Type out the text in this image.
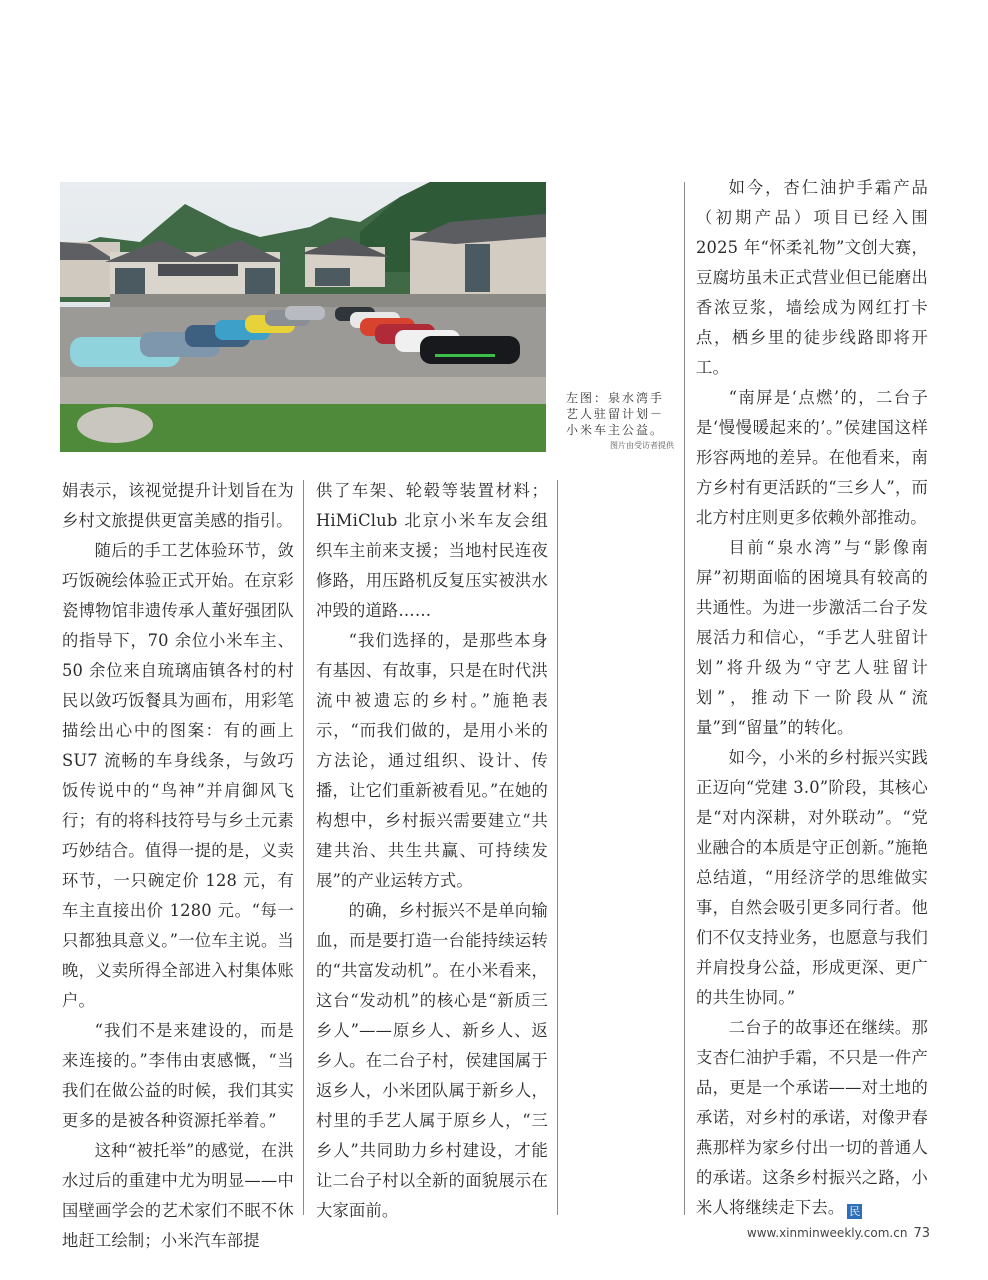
左图：泉水湾手艺人驻留计划－小米车主公益。
图片由受访者提供

娟表示，该视觉提升计划旨在为乡村文旅提供更富美感的指引。

随后的手工艺体验环节，敛巧饭碗绘体验正式开始。在京彩瓷博物馆非遗传承人董好强团队的指导下，70 余位小米车主、50 余位来自琉璃庙镇各村的村民以敛巧饭餐具为画布，用彩笔描绘出心中的图案：有的画上 SU7 流畅的车身线条，与敛巧饭传说中的“鸟神”并肩御风飞行；有的将科技符号与乡土元素巧妙结合。值得一提的是，义卖环节，一只碗定价 128 元，有车主直接出价 1280 元。“每一只都独具意义。”一位车主说。当晚，义卖所得全部进入村集体账户。

“我们不是来建设的，而是来连接的。”李伟由衷感慨，“当我们在做公益的时候，我们其实更多的是被各种资源托举着。”

这种“被托举”的感觉，在洪水过后的重建中尤为明显——中国壁画学会的艺术家们不眠不休地赶工绘制；小米汽车部提

供了车架、轮毂等装置材料；HiMiClub 北京小米车友会组织车主前来支援；当地村民连夜修路，用压路机反复压实被洪水冲毁的道路……

“我们选择的，是那些本身有基因、有故事，只是在时代洪流中被遗忘的乡村。”施艳表示，“而我们做的，是用小米的方法论，通过组织、设计、传播，让它们重新被看见。”在她的构想中，乡村振兴需要建立“共建共治、共生共赢、可持续发展”的产业运转方式。

的确，乡村振兴不是单向输血，而是要打造一台能持续运转的“共富发动机”。在小米看来，这台“发动机”的核心是“新质三乡人”——原乡人、新乡人、返乡人。在二台子村，侯建国属于返乡人，小米团队属于新乡人，村里的手艺人属于原乡人，“三乡人”共同助力乡村建设，才能让二台子村以全新的面貌展示在大家面前。

如今，杏仁油护手霜产品（初期产品）项目已经入围 2025 年“怀柔礼物”文创大赛，豆腐坊虽未正式营业但已能磨出香浓豆浆，墙绘成为网红打卡点，栖乡里的徒步线路即将开工。

“南屏是‘点燃’的，二台子是‘慢慢暖起来的’。”侯建国这样形容两地的差异。在他看来，南方乡村有更活跃的“三乡人”，而北方村庄则更多依赖外部推动。

目前“泉水湾”与“影像南屏”初期面临的困境具有较高的共通性。为进一步激活二台子发展活力和信心，“手艺人驻留计划”将升级为“守艺人驻留计划”，推动下一阶段从“流量”到“留量”的转化。

如今，小米的乡村振兴实践正迈向“党建 3.0”阶段，其核心是“对内深耕，对外联动”。“党业融合的本质是守正创新。”施艳总结道，“用经济学的思维做实事，自然会吸引更多同行者。他们不仅支持业务，也愿意与我们并肩投身公益，形成更深、更广的共生协同。”

二台子的故事还在继续。那支杏仁油护手霜，不只是一件产品，更是一个承诺——对土地的承诺，对乡村的承诺，对像尹春燕那样为家乡付出一切的普通人的承诺。这条乡村振兴之路，小米人将继续走下去。 民

www.xinminweekly.com.cn 73
